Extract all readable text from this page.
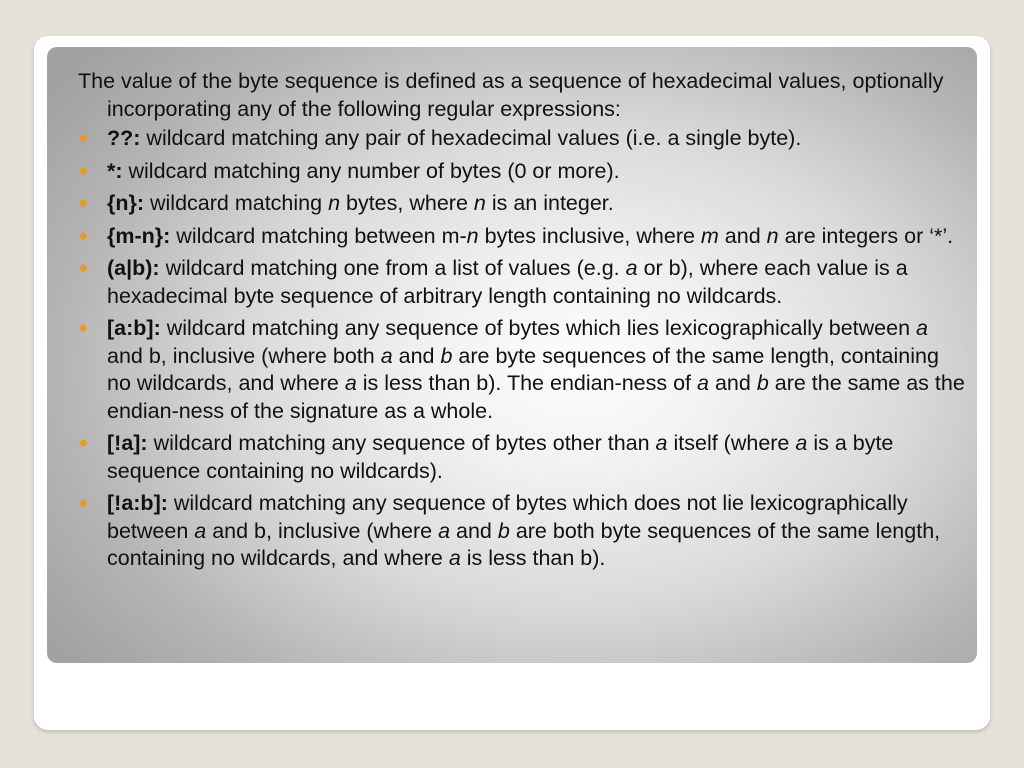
The value of the byte sequence is defined as a sequence of hexadecimal values, optionally incorporating any of the following regular expressions:

◆ ??: wildcard matching any pair of hexadecimal values (i.e. a single byte).
◆ *: wildcard matching any number of bytes (0 or more).
◆ {n}: wildcard matching n bytes, where n is an integer.
◆ {m-n}: wildcard matching between m-n bytes inclusive, where m and n are integers or ‘*’.
◆ (a|b): wildcard matching one from a list of values (e.g. a or b), where each value is a hexadecimal byte sequence of arbitrary length containing no wildcards.
◆ [a:b]: wildcard matching any sequence of bytes which lies lexicographically between a and b, inclusive (where both a and b are byte sequences of the same length, containing no wildcards, and where a is less than b). The endian-ness of a and b are the same as the endian-ness of the signature as a whole.
◆ [!a]: wildcard matching any sequence of bytes other than a itself (where a is a byte sequence containing no wildcards).
◆ [!a:b]: wildcard matching any sequence of bytes which does not lie lexicographically between a and b, inclusive (where a and b are both byte sequences of the same length, containing no wildcards, and where a is less than b).
